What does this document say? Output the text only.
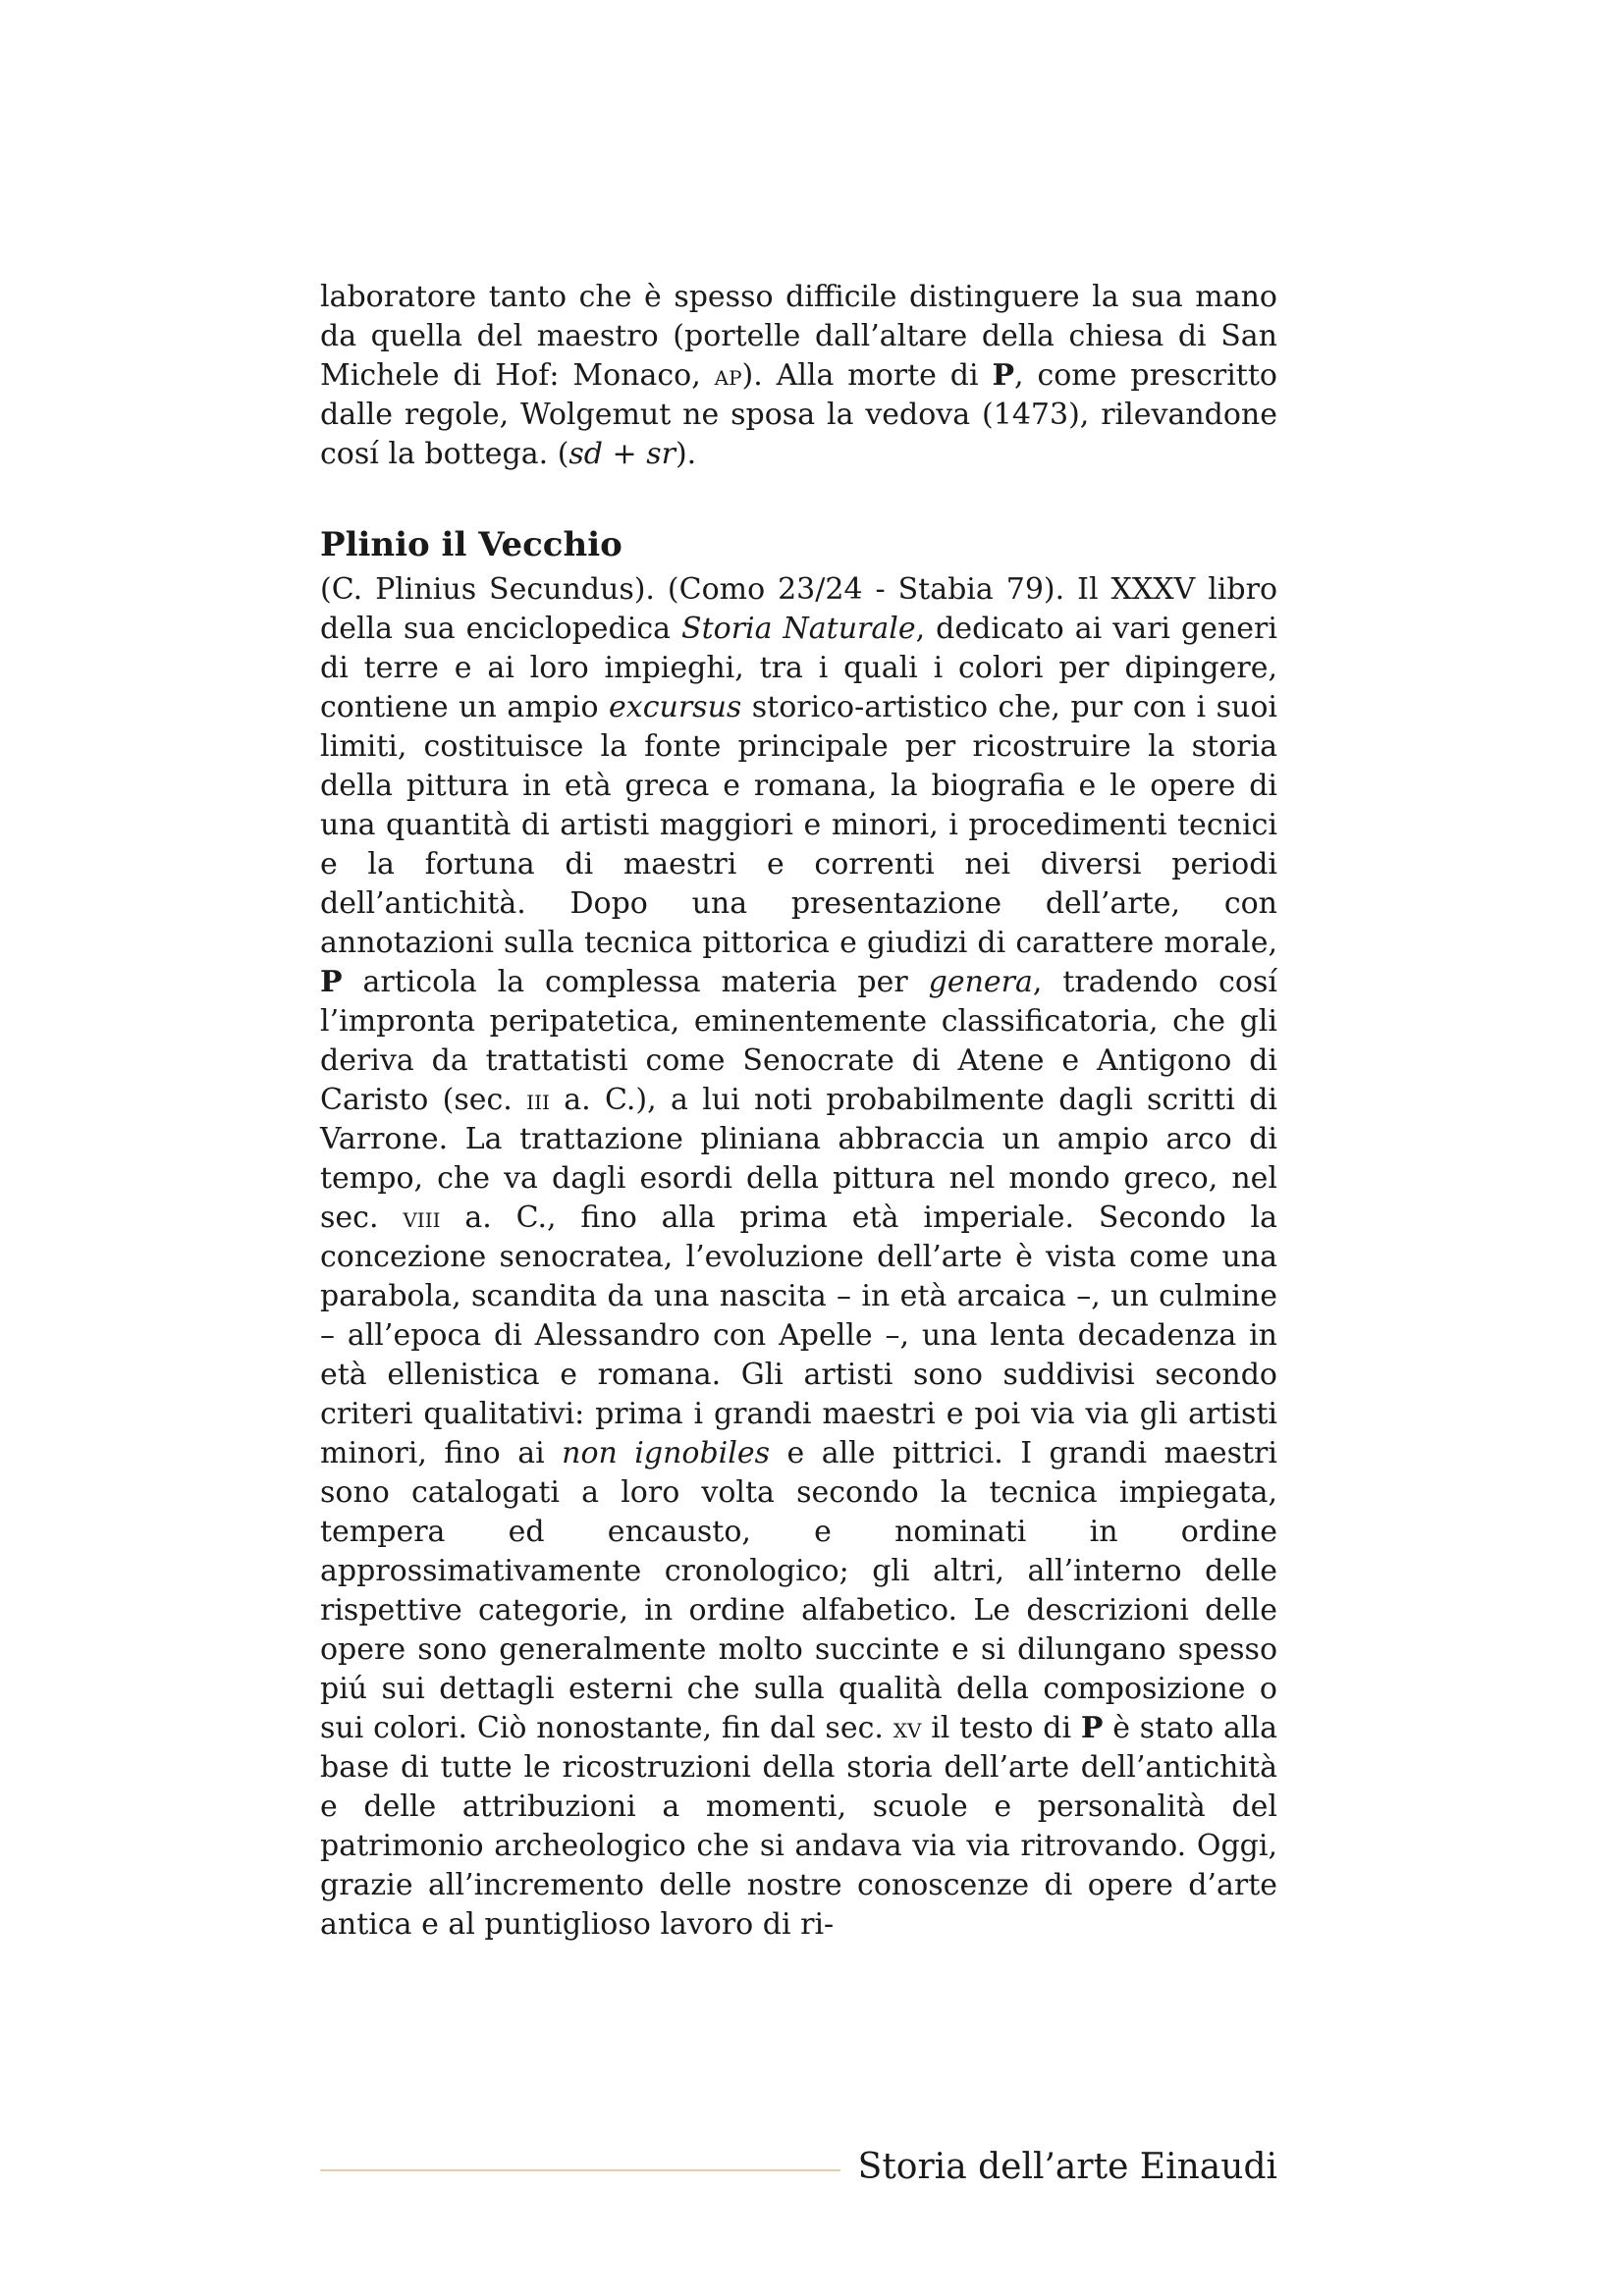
laboratore tanto che è spesso difficile distinguere la sua mano da quella del maestro (portelle dall’altare della chiesa di San Michele di Hof: Monaco, ap). Alla morte di P, come prescritto dalle regole, Wolgemut ne sposa la vedova (1473), rilevandone cosí la bottega. (sd + sr).

Plinio il Vecchio

(C. Plinius Secundus). (Como 23/24 - Stabia 79). Il XXXV libro della sua enciclopedica Storia Naturale, dedicato ai vari generi di terre e ai loro impieghi, tra i quali i colori per dipingere, contiene un ampio excursus storico-artistico che, pur con i suoi limiti, costituisce la fonte principale per ricostruire la storia della pittura in età greca e romana, la biografia e le opere di una quantità di artisti maggiori e minori, i procedimenti tecnici e la fortuna di maestri e correnti nei diversi periodi dell’antichità. Dopo una presentazione dell’arte, con annotazioni sulla tecnica pittorica e giudizi di carattere morale, P articola la complessa materia per genera, tradendo cosí l’impronta peripatetica, eminentemente classificatoria, che gli deriva da trattatisti come Senocrate di Atene e Antigono di Caristo (sec. iii a. C.), a lui noti probabilmente dagli scritti di Varrone. La trattazione pliniana abbraccia un ampio arco di tempo, che va dagli esordi della pittura nel mondo greco, nel sec. viii a. C., fino alla prima età imperiale. Secondo la concezione senocratea, l’evoluzione dell’arte è vista come una parabola, scandita da una nascita – in età arcaica –, un culmine – all’epoca di Alessandro con Apelle –, una lenta decadenza in età ellenistica e romana. Gli artisti sono suddivisi secondo criteri qualitativi: prima i grandi maestri e poi via via gli artisti minori, fino ai non ignobiles e alle pittrici. I grandi maestri sono catalogati a loro volta secondo la tecnica impiegata, tempera ed encausto, e nominati in ordine approssimativamente cronologico; gli altri, all’interno delle rispettive categorie, in ordine alfabetico. Le descrizioni delle opere sono generalmente molto succinte e si dilungano spesso piú sui dettagli esterni che sulla qualità della composizione o sui colori. Ciò nonostante, fin dal sec. xv il testo di P è stato alla base di tutte le ricostruzioni della storia dell’arte dell’antichità e delle attribuzioni a momenti, scuole e personalità del patrimonio archeologico che si andava via via ritrovando. Oggi, grazie all’incremento delle nostre conoscenze di opere d’arte antica e al puntiglioso lavoro di ri-

Storia dell’arte Einaudi
